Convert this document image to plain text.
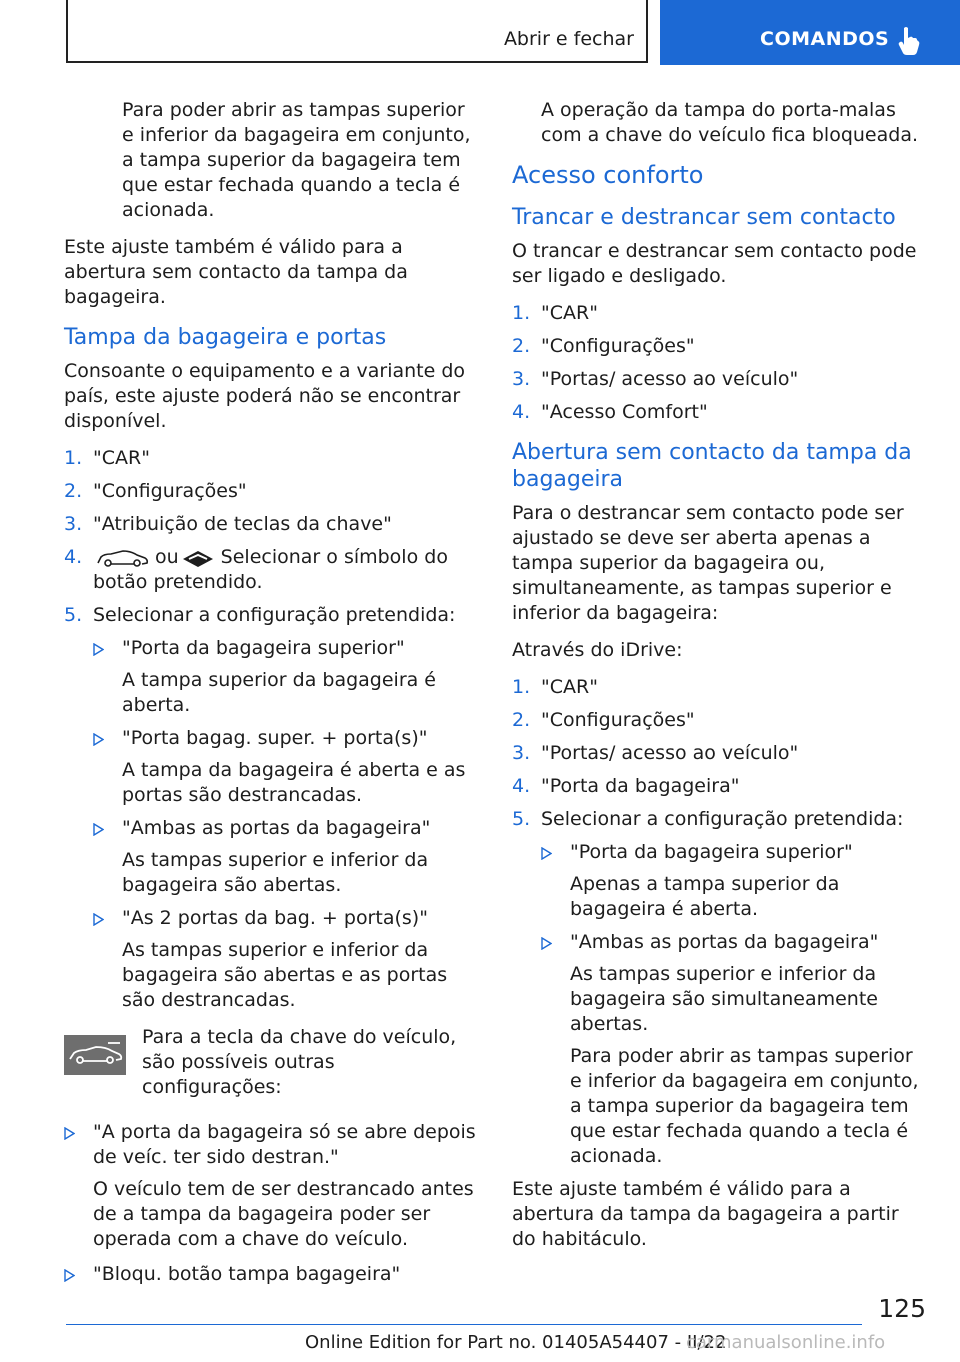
Abrir e fechar	COMANDOS

Para poder abrir as tampas superior e inferior da bagageira em conjunto, a tampa superior da bagageira tem que estar fechada quando a tecla é acionada.

Este ajuste também é válido para a abertura sem contacto da tampa da bagageira.

Tampa da bagageira e portas

Consoante o equipamento e a variante do país, este ajuste poderá não se encontrar disponível.

1. "CAR"
2. "Configurações"
3. "Atribuição de teclas da chave"
4.	ou Selecionar o símbolo do botão pretendido.
5. Selecionar a configuração pretendida:
"Porta da bagageira superior"
A tampa superior da bagageira é aberta.
"Porta bagag. super. + porta(s)"
A tampa da bagageira é aberta e as portas são destrancadas.
"Ambas as portas da bagageira"
As tampas superior e inferior da bagageira são abertas.
"As 2 portas da bag. + porta(s)"
As tampas superior e inferior da bagageira são abertas e as portas são destrancadas.

Para a tecla da chave do veículo, são possíveis outras configurações:

"A porta da bagageira só se abre depois de veíc. ter sido destran."
O veículo tem de ser destrancado antes de a tampa da bagageira poder ser operada com a chave do veículo.
"Bloqu. botão tampa bagageira"

A operação da tampa do porta-malas com a chave do veículo fica bloqueada.

Acesso conforto
Trancar e destrancar sem contacto

O trancar e destrancar sem contacto pode ser ligado e desligado.

1. "CAR"
2. "Configurações"
3. "Portas/ acesso ao veículo"
4. "Acesso Comfort"
Abertura sem contacto da tampa da bagageira

Para o destrancar sem contacto pode ser ajustado se deve ser aberta apenas a tampa superior da bagageira ou, simultaneamente, as tampas superior e inferior da bagageira:

Através do iDrive:

1. "CAR"
2. "Configurações"
3. "Portas/ acesso ao veículo"
4. "Porta da bagageira"
5. Selecionar a configuração pretendida:
"Porta da bagageira superior"
Apenas a tampa superior da bagageira é aberta.
"Ambas as portas da bagageira"
As tampas superior e inferior da bagageira são simultaneamente abertas.
Para poder abrir as tampas superior e inferior da bagageira em conjunto, a tampa superior da bagageira tem que estar fechada quando a tecla é acionada.

Este ajuste também é válido para a abertura da tampa da bagageira a partir do habitáculo.

125
Online Edition for Part no. 01405A54407 - II/22
carmanualsonline.info
